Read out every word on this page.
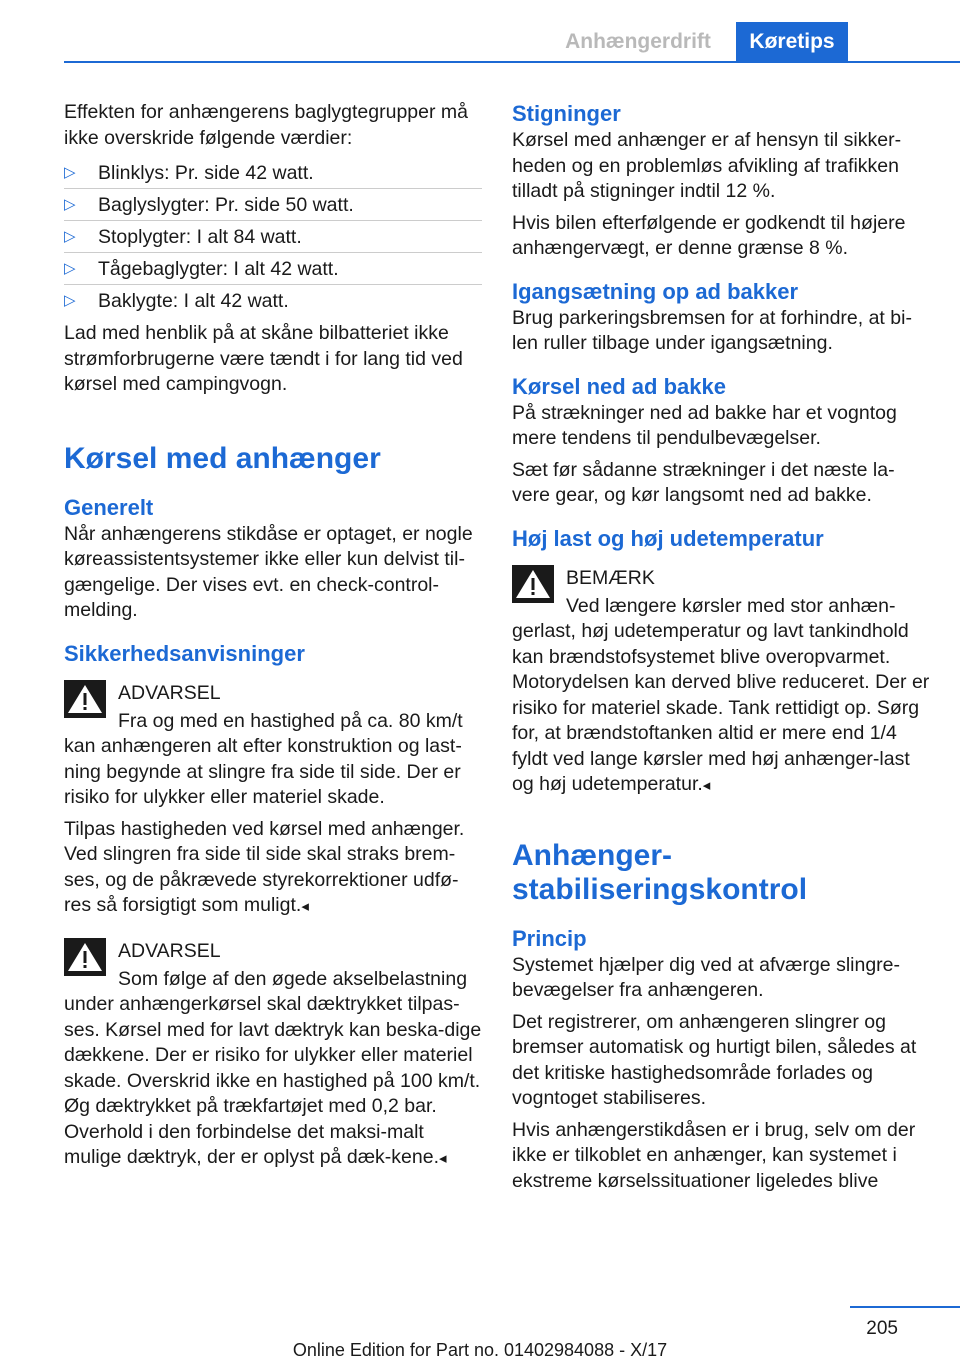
Anhængerdrift	Køretips

Effekten for anhængerens baglygtegrupper må ikke overskride følgende værdier:

▷ Blinklys: Pr. side 42 watt.
▷ Baglyslygter: Pr. side 50 watt.
▷ Stoplygter: I alt 84 watt.
▷ Tågebaglygter: I alt 42 watt.
▷ Baklygte: I alt 42 watt.

Lad med henblik på at skåne bilbatteriet ikke strømforbrugerne være tændt i for lang tid ved kørsel med campingvogn.

Kørsel med anhænger
Generelt

Når anhængerens stikdåse er optaget, er nogle køreassistentsystemer ikke eller kun delvist til‐gængelige. Der vises evt. en check-control-melding.

Sikkerhedsanvisninger
ADVARSEL

Fra og med en hastighed på ca. 80 km/t kan anhængeren alt efter konstruktion og last‐ning begynde at slingre fra side til side. Der er risiko for ulykker eller materiel skade.

Tilpas hastigheden ved kørsel med anhænger. Ved slingren fra side til side skal straks brem‐ses, og de påkrævede styrekorrektioner udfø‐res så forsigtigt som muligt.◂

ADVARSEL

Som følge af den øgede akselbelastning under anhængerkørsel skal dæktrykket tilpas‐ses. Kørsel med for lavt dæktryk kan beska‐dige dækkene. Der er risiko for ulykker eller materiel skade. Overskrid ikke en hastighed på 100 km/t. Øg dæktrykket på trækfartøjet med 0,2 bar. Overhold i den forbindelse det maksi‐malt mulige dæktryk, der er oplyst på dæk‐kene.◂

Stigninger

Kørsel med anhænger er af hensyn til sikker‐heden og en problemløs afvikling af trafikken tilladt på stigninger indtil 12 %.

Hvis bilen efterfølgende er godkendt til højere anhængervægt, er denne grænse 8 %.

Igangsætning op ad bakker

Brug parkeringsbremsen for at forhindre, at bi‐len ruller tilbage under igangsætning.

Kørsel ned ad bakke

På strækninger ned ad bakke har et vogntog mere tendens til pendulbevægelser.

Sæt før sådanne strækninger i det næste la‐vere gear, og kør langsomt ned ad bakke.

Høj last og høj udetemperatur
BEMÆRK

Ved længere kørsler med stor anhæn‐gerlast, høj udetemperatur og lavt tankindhold kan brændstofsystemet blive overopvarmet. Motorydelsen kan derved blive reduceret. Der er risiko for materiel skade. Tank rettidigt op. Sørg for, at brændstoftanken altid er mere end 1/4 fyldt ved lange kørsler med høj anhænger‐last og høj udetemperatur.◂

Anhænger-stabiliseringskontrol
Princip

Systemet hjælper dig ved at afværge slingre‐bevægelser fra anhængeren.

Det registrerer, om anhængeren slingrer og bremser automatisk og hurtigt bilen, således at det kritiske hastighedsområde forlades og vogntoget stabiliseres.

Hvis anhængerstikdåsen er i brug, selv om der ikke er tilkoblet en anhænger, kan systemet i ekstreme kørselssituationer ligeledes blive

205
Online Edition for Part no. 01402984088 - X/17
